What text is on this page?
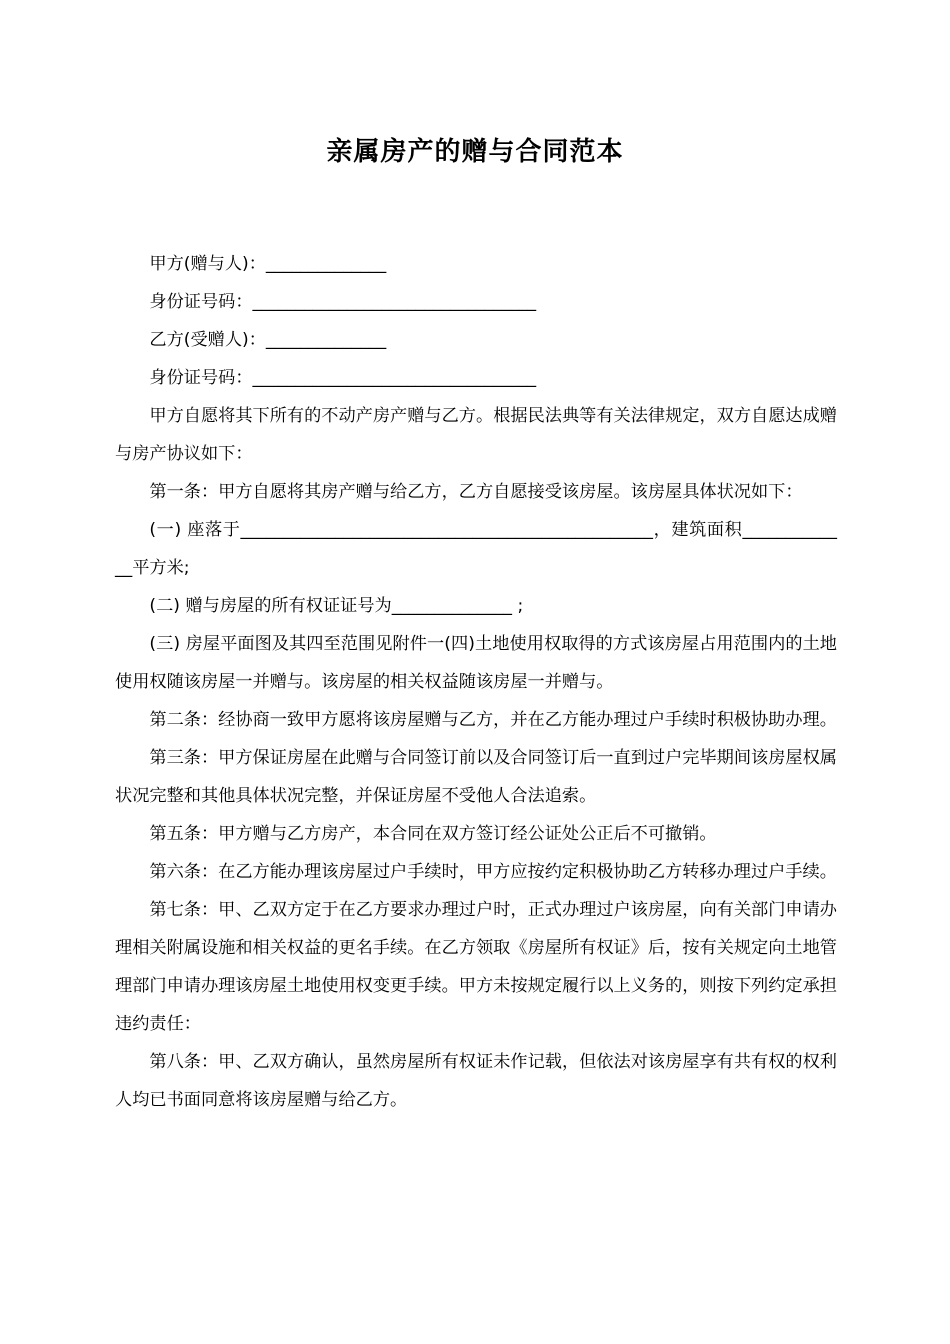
亲属房产的赠与合同范本

甲方(赠与人)：______________

身份证号码：_________________________________

乙方(受赠人)：______________

身份证号码：_________________________________

甲方自愿将其下所有的不动产房产赠与乙方。根据民法典等有关法律规定，双方自愿达成赠与房产协议如下：

第一条：甲方自愿将其房产赠与给乙方，乙方自愿接受该房屋。该房屋具体状况如下：

(一) 座落于________________________________________________，建筑面积_____________平方米;

(二) 赠与房屋的所有权证证号为______________ ;

(三) 房屋平面图及其四至范围见附件一(四)土地使用权取得的方式该房屋占用范围内的土地使用权随该房屋一并赠与。该房屋的相关权益随该房屋一并赠与。

第二条：经协商一致甲方愿将该房屋赠与乙方，并在乙方能办理过户手续时积极协助办理。

第三条：甲方保证房屋在此赠与合同签订前以及合同签订后一直到过户完毕期间该房屋权属状况完整和其他具体状况完整，并保证房屋不受他人合法追索。

第五条：甲方赠与乙方房产，本合同在双方签订经公证处公正后不可撤销。

第六条：在乙方能办理该房屋过户手续时，甲方应按约定积极协助乙方转移办理过户手续。

第七条：甲、乙双方定于在乙方要求办理过户时，正式办理过户该房屋，向有关部门申请办理相关附属设施和相关权益的更名手续。在乙方领取《房屋所有权证》后，按有关规定向土地管理部门申请办理该房屋土地使用权变更手续。甲方未按规定履行以上义务的，则按下列约定承担违约责任：

第八条：甲、乙双方确认，虽然房屋所有权证未作记载，但依法对该房屋享有共有权的权利人均已书面同意将该房屋赠与给乙方。
